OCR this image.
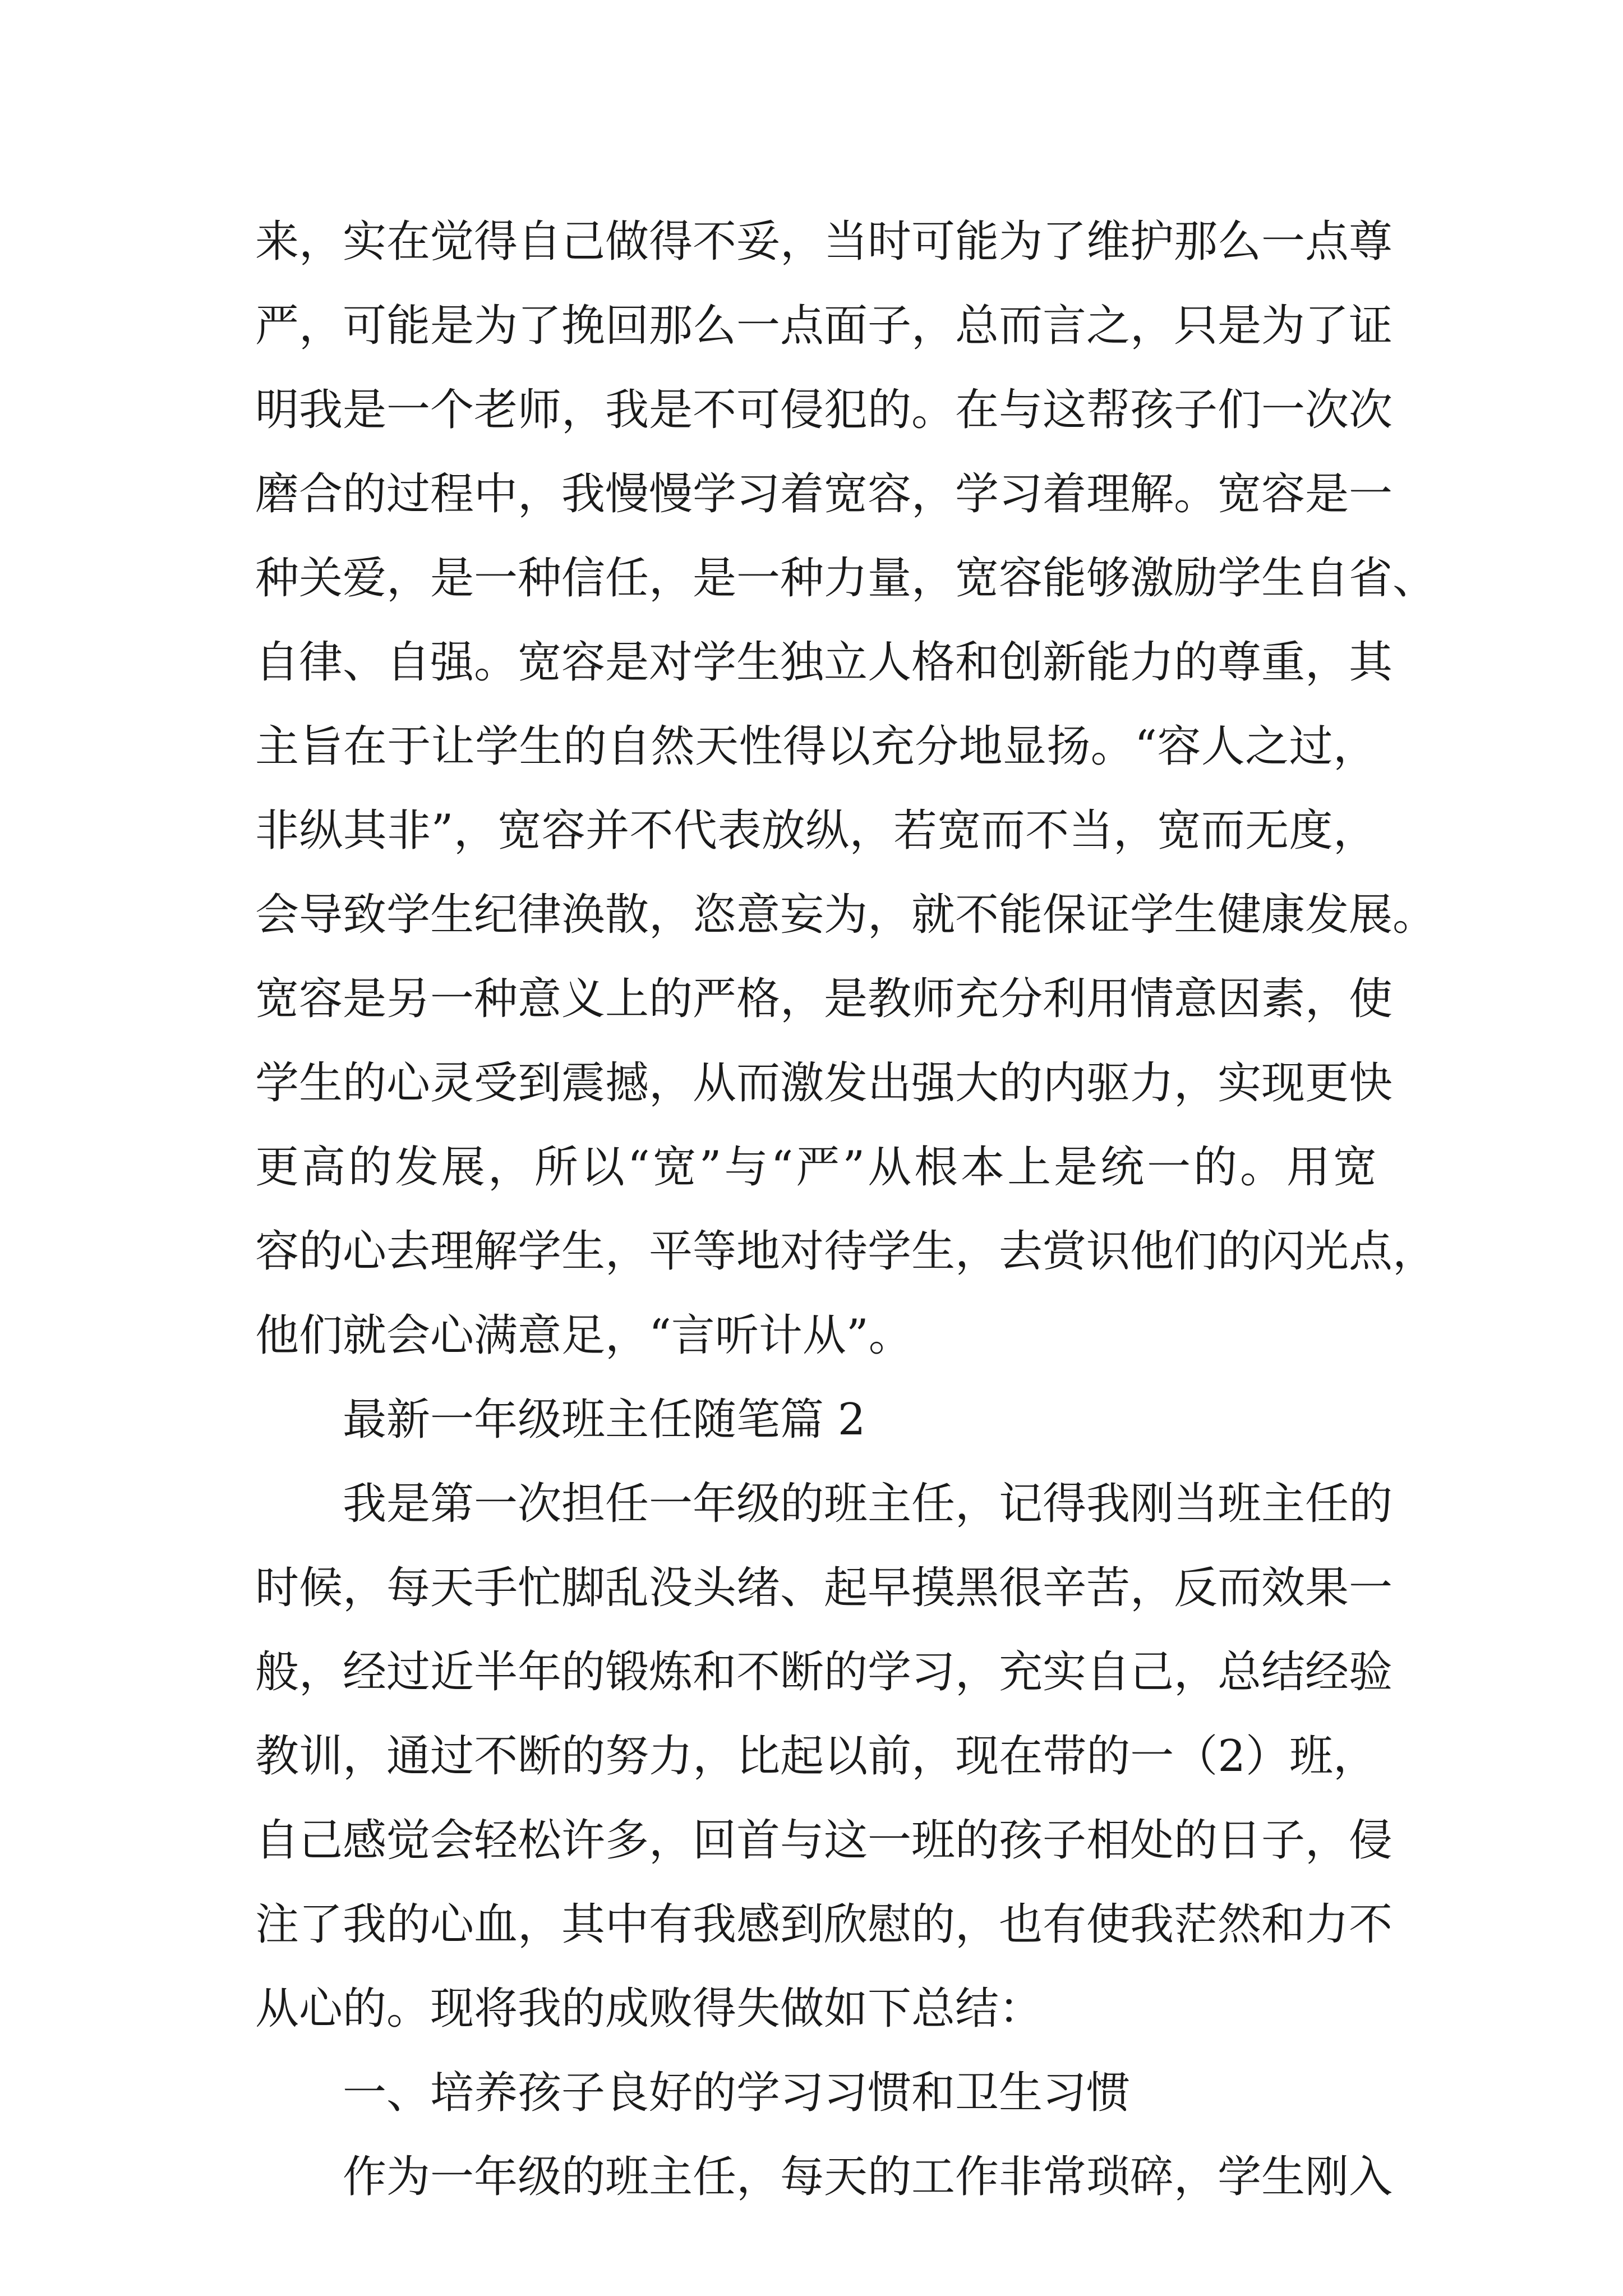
来，实在觉得自己做得不妥，当时可能为了维护那么一点尊
严，可能是为了挽回那么一点面子，总而言之，只是为了证
明我是一个老师，我是不可侵犯的。在与这帮孩子们一次次
磨合的过程中，我慢慢学习着宽容，学习着理解。宽容是一
种关爱，是一种信任，是一种力量，宽容能够激励学生自省、
自律、自强。宽容是对学生独立人格和创新能力的尊重，其
主旨在于让学生的自然天性得以充分地显扬。“容人之过，
非纵其非”，宽容并不代表放纵，若宽而不当，宽而无度，
会导致学生纪律涣散，恣意妄为，就不能保证学生健康发展。
宽容是另一种意义上的严格，是教师充分利用情意因素，使
学生的心灵受到震撼，从而激发出强大的内驱力，实现更快
更高的发展，所以“宽”与“严”从根本上是统一的。用宽
容的心去理解学生，平等地对待学生，去赏识他们的闪光点，
他们就会心满意足，“言听计从”。
最新一年级班主任随笔篇 2
我是第一次担任一年级的班主任，记得我刚当班主任的
时候，每天手忙脚乱没头绪、起早摸黑很辛苦，反而效果一
般，经过近半年的锻炼和不断的学习，充实自己，总结经验
教训，通过不断的努力，比起以前，现在带的一（2）班，
自己感觉会轻松许多，回首与这一班的孩子相处的日子，侵
注了我的心血，其中有我感到欣慰的，也有使我茫然和力不
从心的。现将我的成败得失做如下总结：
一、培养孩子良好的学习习惯和卫生习惯
作为一年级的班主任，每天的工作非常琐碎，学生刚入
